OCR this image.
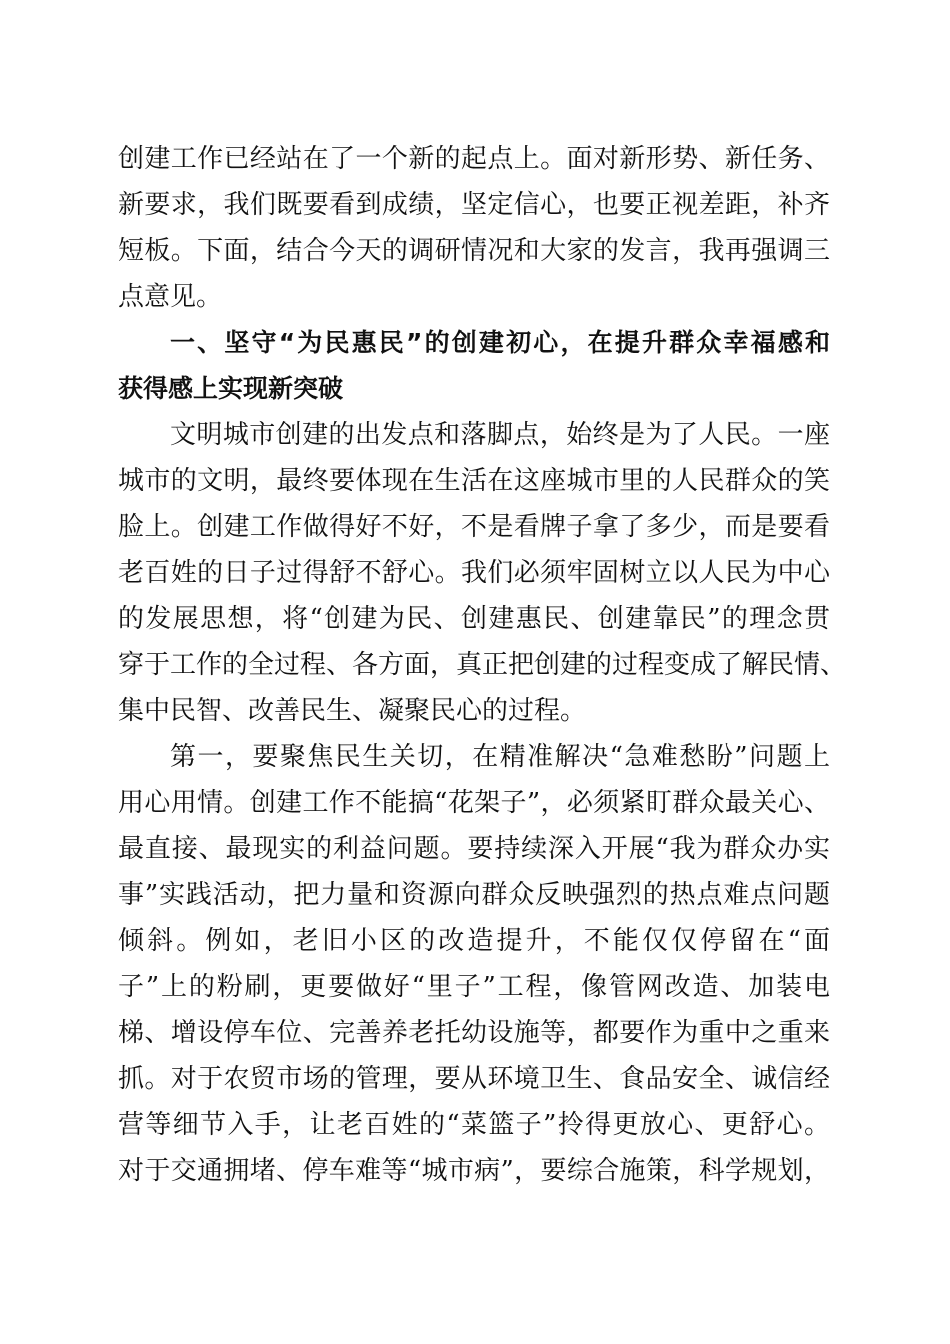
创建工作已经站在了一个新的起点上。面对新形势、新任务、

新要求，我们既要看到成绩，坚定信心，也要正视差距，补齐

短板。下面，结合今天的调研情况和大家的发言，我再强调三

点意见。

一、坚守“为民惠民”的创建初心，在提升群众幸福感和

获得感上实现新突破

文明城市创建的出发点和落脚点，始终是为了人民。一座

城市的文明，最终要体现在生活在这座城市里的人民群众的笑

脸上。创建工作做得好不好，不是看牌子拿了多少，而是要看

老百姓的日子过得舒不舒心。我们必须牢固树立以人民为中心

的发展思想，将“创建为民、创建惠民、创建靠民”的理念贯

穿于工作的全过程、各方面，真正把创建的过程变成了解民情、

集中民智、改善民生、凝聚民心的过程。

第一，要聚焦民生关切，在精准解决“急难愁盼”问题上

用心用情。创建工作不能搞“花架子”，必须紧盯群众最关心、

最直接、最现实的利益问题。要持续深入开展“我为群众办实

事”实践活动，把力量和资源向群众反映强烈的热点难点问题

倾斜。例如，老旧小区的改造提升，不能仅仅停留在“面

子”上的粉刷，更要做好“里子”工程，像管网改造、加装电

梯、增设停车位、完善养老托幼设施等，都要作为重中之重来

抓。对于农贸市场的管理，要从环境卫生、食品安全、诚信经

营等细节入手，让老百姓的“菜篮子”拎得更放心、更舒心。

对于交通拥堵、停车难等“城市病”，要综合施策，科学规划，
